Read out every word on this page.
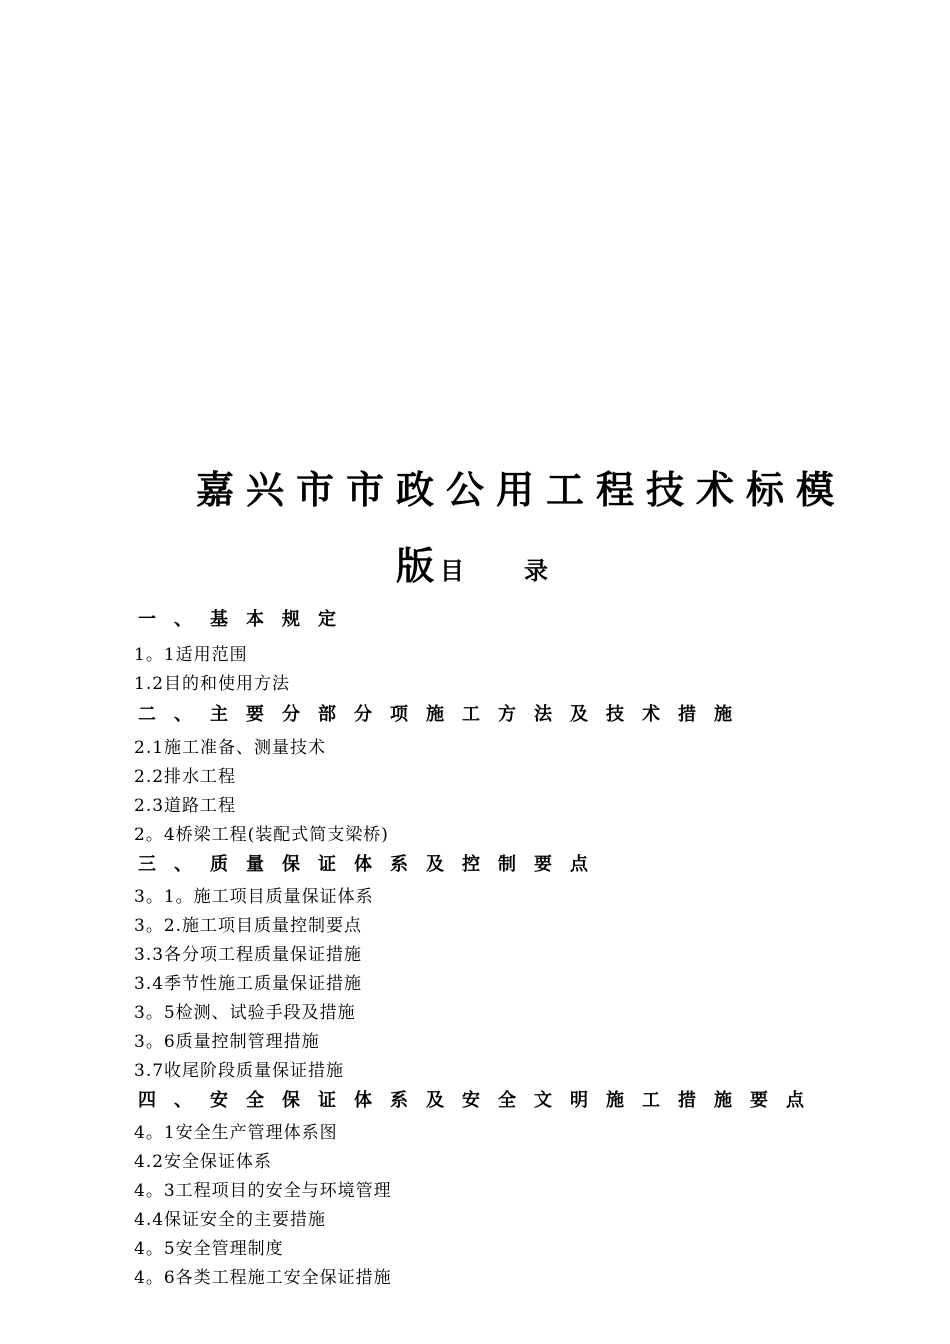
嘉兴市市政公用工程技术标模
版目录
一、基本规定
1。1适用范围
1.2目的和使用方法
二、主要分部分项施工方法及技术措施
2.1施工准备、测量技术
2.2排水工程
2.3道路工程
2。4桥梁工程(装配式简支梁桥)
三、质量保证体系及控制要点
3。1。施工项目质量保证体系
3。2.施工项目质量控制要点
3.3各分项工程质量保证措施
3.4季节性施工质量保证措施
3。5检测、试验手段及措施
3。6质量控制管理措施
3.7收尾阶段质量保证措施
四、安全保证体系及安全文明施工措施要点
4。1安全生产管理体系图
4.2安全保证体系
4。3工程项目的安全与环境管理
4.4保证安全的主要措施
4。5安全管理制度
4。6各类工程施工安全保证措施
